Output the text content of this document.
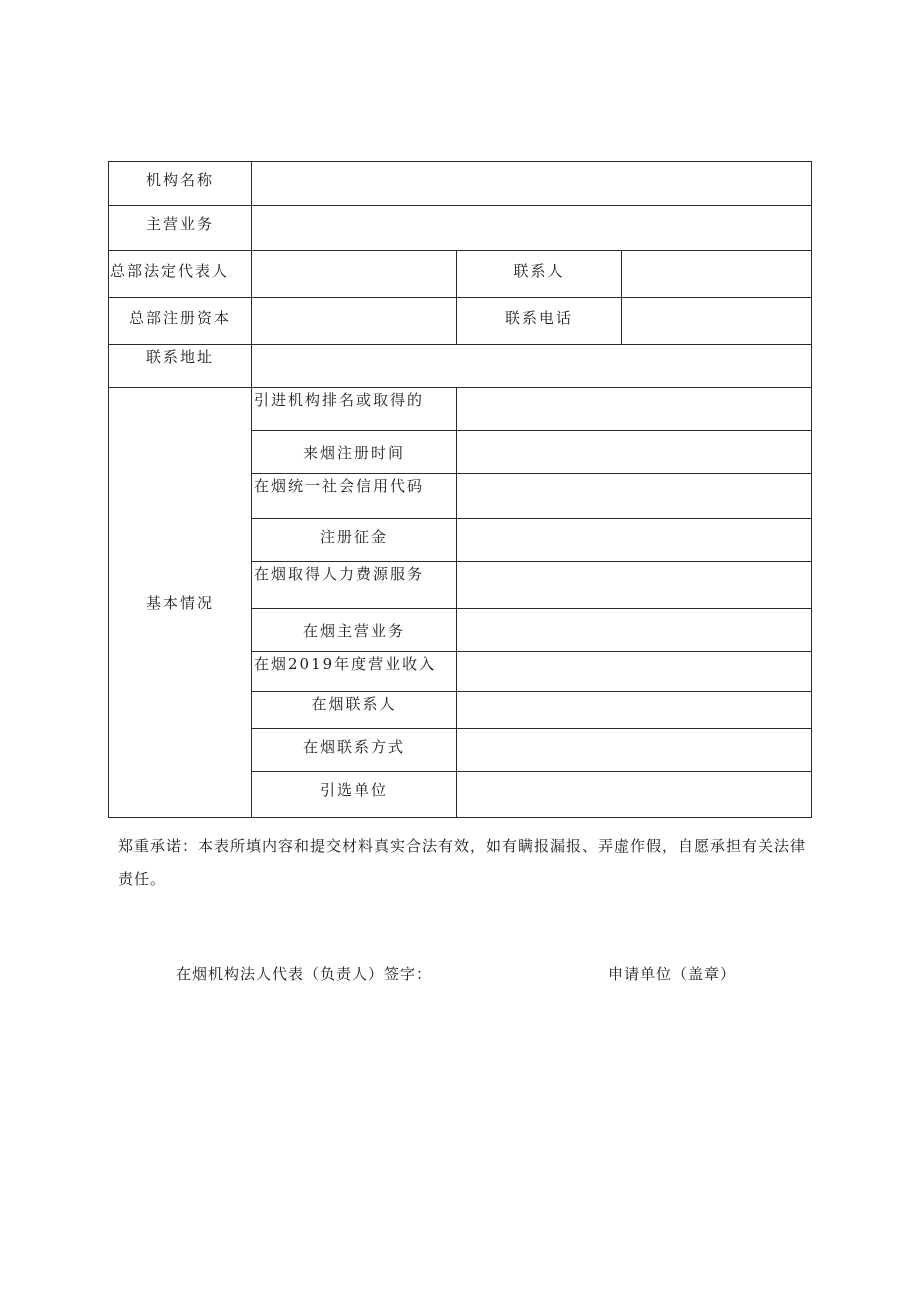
机构名称			
主营业务			
总部法定代表人		联系人	
总部注册资本		联系电话	
联系地址			
基本情况	引进机构排名或取得的		
	来烟注册时间		
	在烟统一社会信用代码		
	注册征金		
	在烟取得人力费源服务		
	在烟主营业务		
	在烟2019年度营业收入		
	在烟联系人		
	在烟联系方式		
	引选单位		

郑重承诺：本表所填内容和提交材料真实合法有效，如有瞒报漏报、弄虚作假，自愿承担有关法律责任。

在烟机构法人代表（负责人）签字：	申请单位（盖章）
